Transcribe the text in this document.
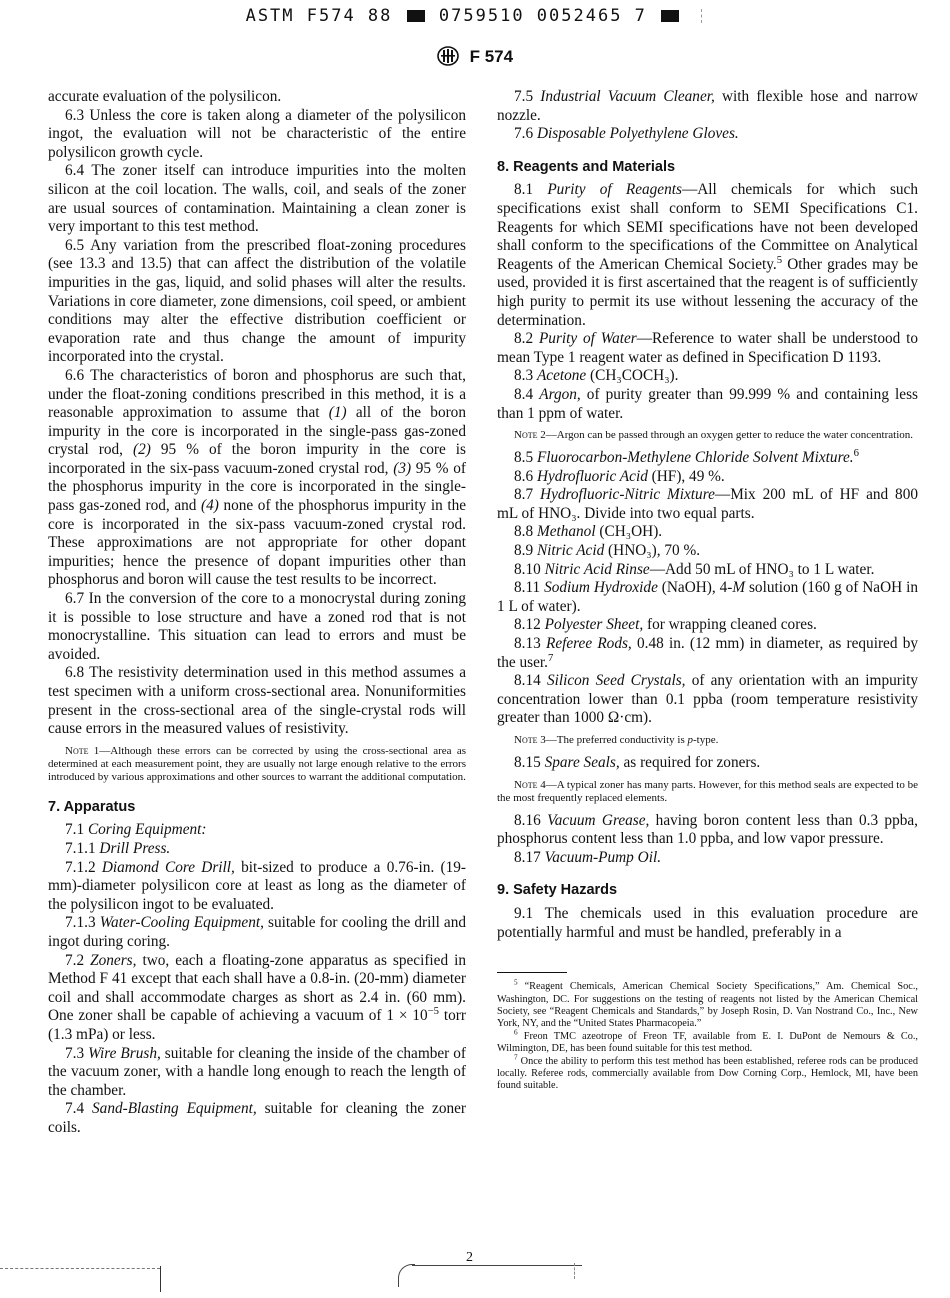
ASTM F574 88	0759510 0052465 7
F 574

accurate evaluation of the polysilicon.

6.3 Unless the core is taken along a diameter of the polysilicon ingot, the evaluation will not be characteristic of the entire polysilicon growth cycle.

6.4 The zoner itself can introduce impurities into the molten silicon at the coil location. The walls, coil, and seals of the zoner are usual sources of contamination. Maintaining a clean zoner is very important to this test method.

6.5 Any variation from the prescribed float-zoning procedures (see 13.3 and 13.5) that can affect the distribution of the volatile impurities in the gas, liquid, and solid phases will alter the results. Variations in core diameter, zone dimensions, coil speed, or ambient conditions may alter the effective distribution coefficient or evaporation rate and thus change the amount of impurity incorporated into the crystal.

6.6 The characteristics of boron and phosphorus are such that, under the float-zoning conditions prescribed in this method, it is a reasonable approximation to assume that (1) all of the boron impurity in the core is incorporated in the single-pass gas-zoned crystal rod, (2) 95 % of the boron impurity in the core is incorporated in the six-pass vacuum-zoned crystal rod, (3) 95 % of the phosphorus impurity in the core is incorporated in the single-pass gas-zoned rod, and (4) none of the phosphorus impurity in the core is incorporated in the six-pass vacuum-zoned crystal rod. These approximations are not appropriate for other dopant impurities; hence the presence of dopant impurities other than phosphorus and boron will cause the test results to be incorrect.

6.7 In the conversion of the core to a monocrystal during zoning it is possible to lose structure and have a zoned rod that is not monocrystalline. This situation can lead to errors and must be avoided.

6.8 The resistivity determination used in this method assumes a test specimen with a uniform cross-sectional area. Nonuniformities present in the cross-sectional area of the single-crystal rods will cause errors in the measured values of resistivity.

Note 1—Although these errors can be corrected by using the cross-sectional area as determined at each measurement point, they are usually not large enough relative to the errors introduced by various approximations and other sources to warrant the additional computation.

7. Apparatus

7.1 Coring Equipment:

7.1.1 Drill Press.

7.1.2 Diamond Core Drill, bit-sized to produce a 0.76-in. (19-mm)-diameter polysilicon core at least as long as the diameter of the polysilicon ingot to be evaluated.

7.1.3 Water-Cooling Equipment, suitable for cooling the drill and ingot during coring.

7.2 Zoners, two, each a floating-zone apparatus as specified in Method F 41 except that each shall have a 0.8-in. (20-mm) diameter coil and shall accommodate charges as short as 2.4 in. (60 mm). One zoner shall be capable of achieving a vacuum of $1 \times 10^{-5}$ torr (1.3 mPa) or less.

7.3 Wire Brush, suitable for cleaning the inside of the chamber of the vacuum zoner, with a handle long enough to reach the length of the chamber.

7.4 Sand-Blasting Equipment, suitable for cleaning the zoner coils.

7.5 Industrial Vacuum Cleaner, with flexible hose and narrow nozzle.

7.6 Disposable Polyethylene Gloves.

8. Reagents and Materials

8.1 Purity of Reagents—All chemicals for which such specifications exist shall conform to SEMI Specifications C1. Reagents for which SEMI specifications have not been developed shall conform to the specifications of the Committee on Analytical Reagents of the American Chemical Society.$^5$ Other grades may be used, provided it is first ascertained that the reagent is of sufficiently high purity to permit its use without lessening the accuracy of the determination.

8.2 Purity of Water—Reference to water shall be understood to mean Type 1 reagent water as defined in Specification D 1193.

8.3 Acetone (CH₃COCH₃).

8.4 Argon, of purity greater than 99.999 % and containing less than 1 ppm of water.

Note 2—Argon can be passed through an oxygen getter to reduce the water concentration.

8.5 Fluorocarbon-Methylene Chloride Solvent Mixture.$^6$

8.6 Hydrofluoric Acid (HF), 49 %.

8.7 Hydrofluoric-Nitric Mixture—Mix 200 mL of HF and 800 mL of HNO₃. Divide into two equal parts.

8.8 Methanol (CH₃OH).

8.9 Nitric Acid (HNO₃), 70 %.

8.10 Nitric Acid Rinse—Add 50 mL of HNO₃ to 1 L water.

8.11 Sodium Hydroxide (NaOH), 4-M solution (160 g of NaOH in 1 L of water).

8.12 Polyester Sheet, for wrapping cleaned cores.

8.13 Referee Rods, 0.48 in. (12 mm) in diameter, as required by the user.$^7$

8.14 Silicon Seed Crystals, of any orientation with an impurity concentration lower than 0.1 ppba (room temperature resistivity greater than 1000 Ω·cm).

Note 3—The preferred conductivity is p-type.

8.15 Spare Seals, as required for zoners.

Note 4—A typical zoner has many parts. However, for this method seals are expected to be the most frequently replaced elements.

8.16 Vacuum Grease, having boron content less than 0.3 ppba, phosphorus content less than 1.0 ppba, and low vapor pressure.

8.17 Vacuum-Pump Oil.

9. Safety Hazards

9.1 The chemicals used in this evaluation procedure are potentially harmful and must be handled, preferably in a

$^5$ “Reagent Chemicals, American Chemical Society Specifications,” Am. Chemical Soc., Washington, DC. For suggestions on the testing of reagents not listed by the American Chemical Society, see “Reagent Chemicals and Standards,” by Joseph Rosin, D. Van Nostrand Co., Inc., New York, NY, and the “United States Pharmacopeia.”

$^6$ Freon TMC azeotrope of Freon TF, available from E. I. DuPont de Nemours & Co., Wilmington, DE, has been found suitable for this test method.

$^7$ Once the ability to perform this test method has been established, referee rods can be produced locally. Referee rods, commercially available from Dow Corning Corp., Hemlock, MI, have been found suitable.

2
